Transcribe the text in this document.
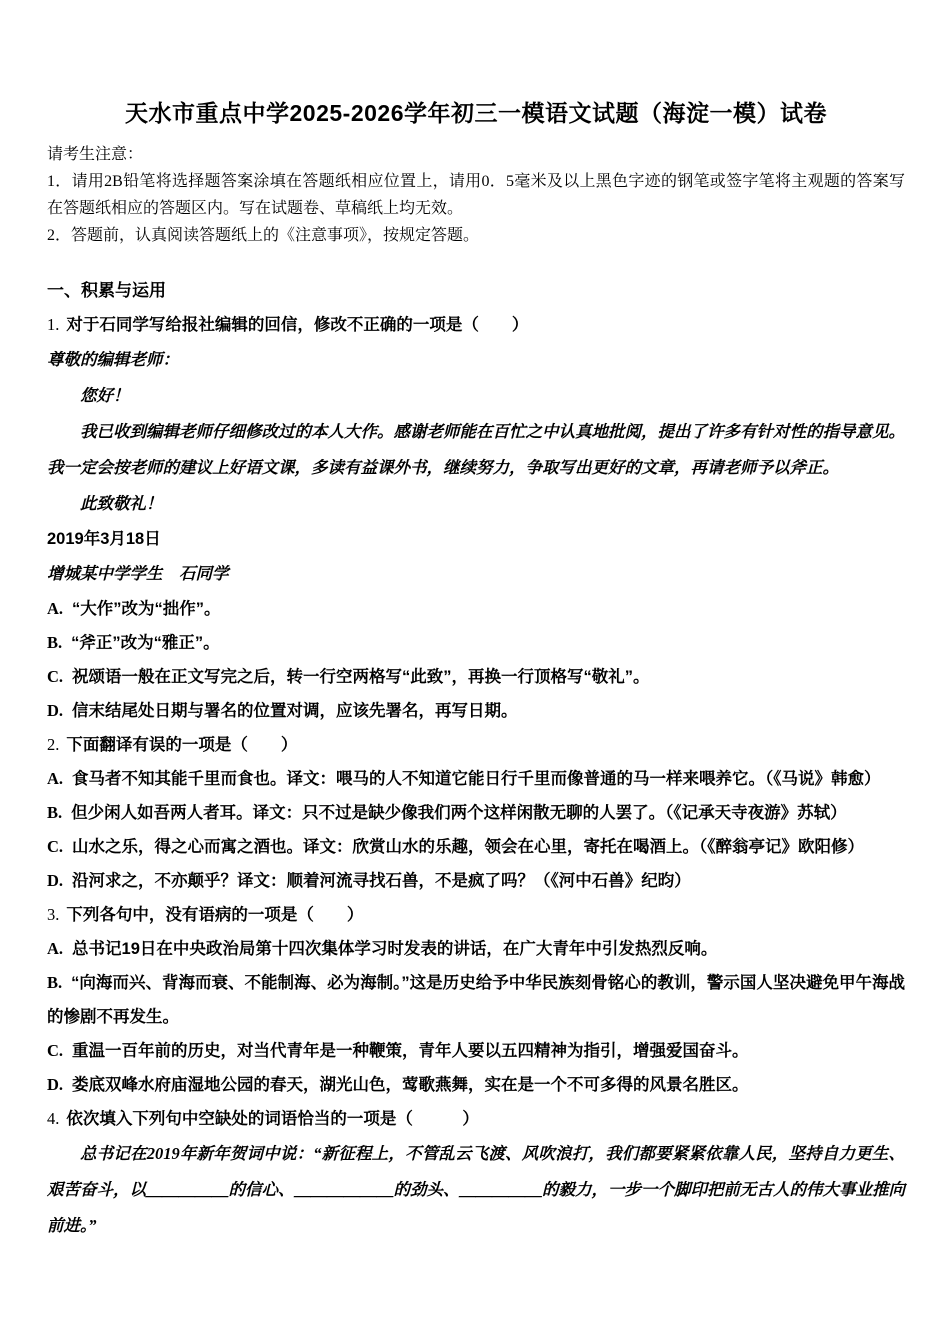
天水市重点中学2025-2026学年初三一模语文试题（海淀一模）试卷

请考生注意：

1．请用2B铅笔将选择题答案涂填在答题纸相应位置上，请用0．5毫米及以上黑色字迹的钢笔或签字笔将主观题的答案写在答题纸相应的答题区内。写在试题卷、草稿纸上均无效。

2．答题前，认真阅读答题纸上的《注意事项》，按规定答题。

一、积累与运用

1. 对于石同学写给报社编辑的回信，修改不正确的一项是（　　）

尊敬的编辑老师：

您好！

我已收到编辑老师仔细修改过的本人大作。感谢老师能在百忙之中认真地批阅，提出了许多有针对性的指导意见。我一定会按老师的建议上好语文课，多读有益课外书，继续努力，争取写出更好的文章，再请老师予以斧正。

此致敬礼！

2019年3月18日

增城某中学学生　石同学

A. “大作”改为“拙作”。

B. “斧正”改为“雅正”。

C. 祝颂语一般在正文写完之后，转一行空两格写“此致”，再换一行顶格写“敬礼”。

D. 信末结尾处日期与署名的位置对调，应该先署名，再写日期。

2. 下面翻译有误的一项是（　　）

A. 食马者不知其能千里而食也。译文：喂马的人不知道它能日行千里而像普通的马一样来喂养它。（《马说》韩愈）

B. 但少闲人如吾两人者耳。译文：只不过是缺少像我们两个这样闲散无聊的人罢了。（《记承天寺夜游》苏轼）

C. 山水之乐，得之心而寓之酒也。译文：欣赏山水的乐趣，领会在心里，寄托在喝酒上。（《醉翁亭记》欧阳修）

D. 沿河求之，不亦颠乎？译文：顺着河流寻找石兽，不是疯了吗？（《河中石兽》纪昀）

3. 下列各句中，没有语病的一项是（　　）

A. 总书记19日在中央政治局第十四次集体学习时发表的讲话，在广大青年中引发热烈反响。

B. “向海而兴、背海而衰、不能制海、必为海制。”这是历史给予中华民族刻骨铭心的教训，警示国人坚决避免甲午海战的惨剧不再发生。

C. 重温一百年前的历史，对当代青年是一种鞭策，青年人要以五四精神为指引，增强爱国奋斗。

D. 娄底双峰水府庙湿地公园的春天，湖光山色，莺歌燕舞，实在是一个不可多得的风景名胜区。

4. 依次填入下列句中空缺处的词语恰当的一项是（　　　）

总书记在2019年新年贺词中说：“新征程上，不管乱云飞渡、风吹浪打，我们都要紧紧依靠人民，坚持自力更生、艰苦奋斗，以＿＿＿＿＿的信心、＿＿＿＿＿＿的劲头、＿＿＿＿＿的毅力，一步一个脚印把前无古人的伟大事业推向前进。”
